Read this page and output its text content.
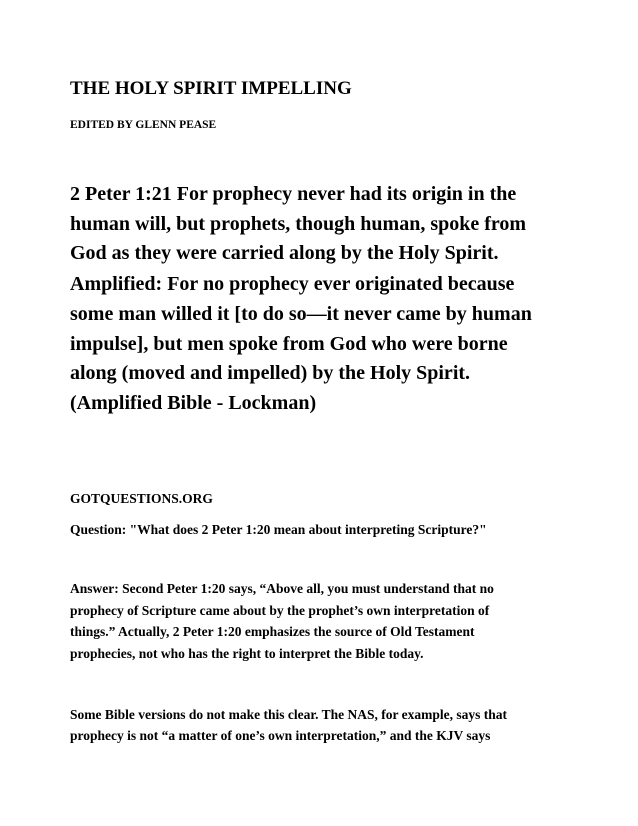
THE HOLY SPIRIT IMPELLING
EDITED BY GLENN PEASE
2 Peter 1:21 For prophecy never had its origin in the
human will, but prophets, though human, spoke from
God as they were carried along by the Holy Spirit.
Amplified: For no prophecy ever originated because
some man willed it [to do so—it never came by human
impulse], but men spoke from God who were borne
along (moved and impelled) by the Holy Spirit.
(Amplified Bible - Lockman)
GOTQUESTIONS.ORG
Question: "What does 2 Peter 1:20 mean about interpreting Scripture?"
Answer: Second Peter 1:20 says, “Above all, you must understand that no
prophecy of Scripture came about by the prophet’s own interpretation of
things.” Actually, 2 Peter 1:20 emphasizes the source of Old Testament
prophecies, not who has the right to interpret the Bible today.
Some Bible versions do not make this clear. The NAS, for example, says that
prophecy is not “a matter of one’s own interpretation,” and the KJV says
